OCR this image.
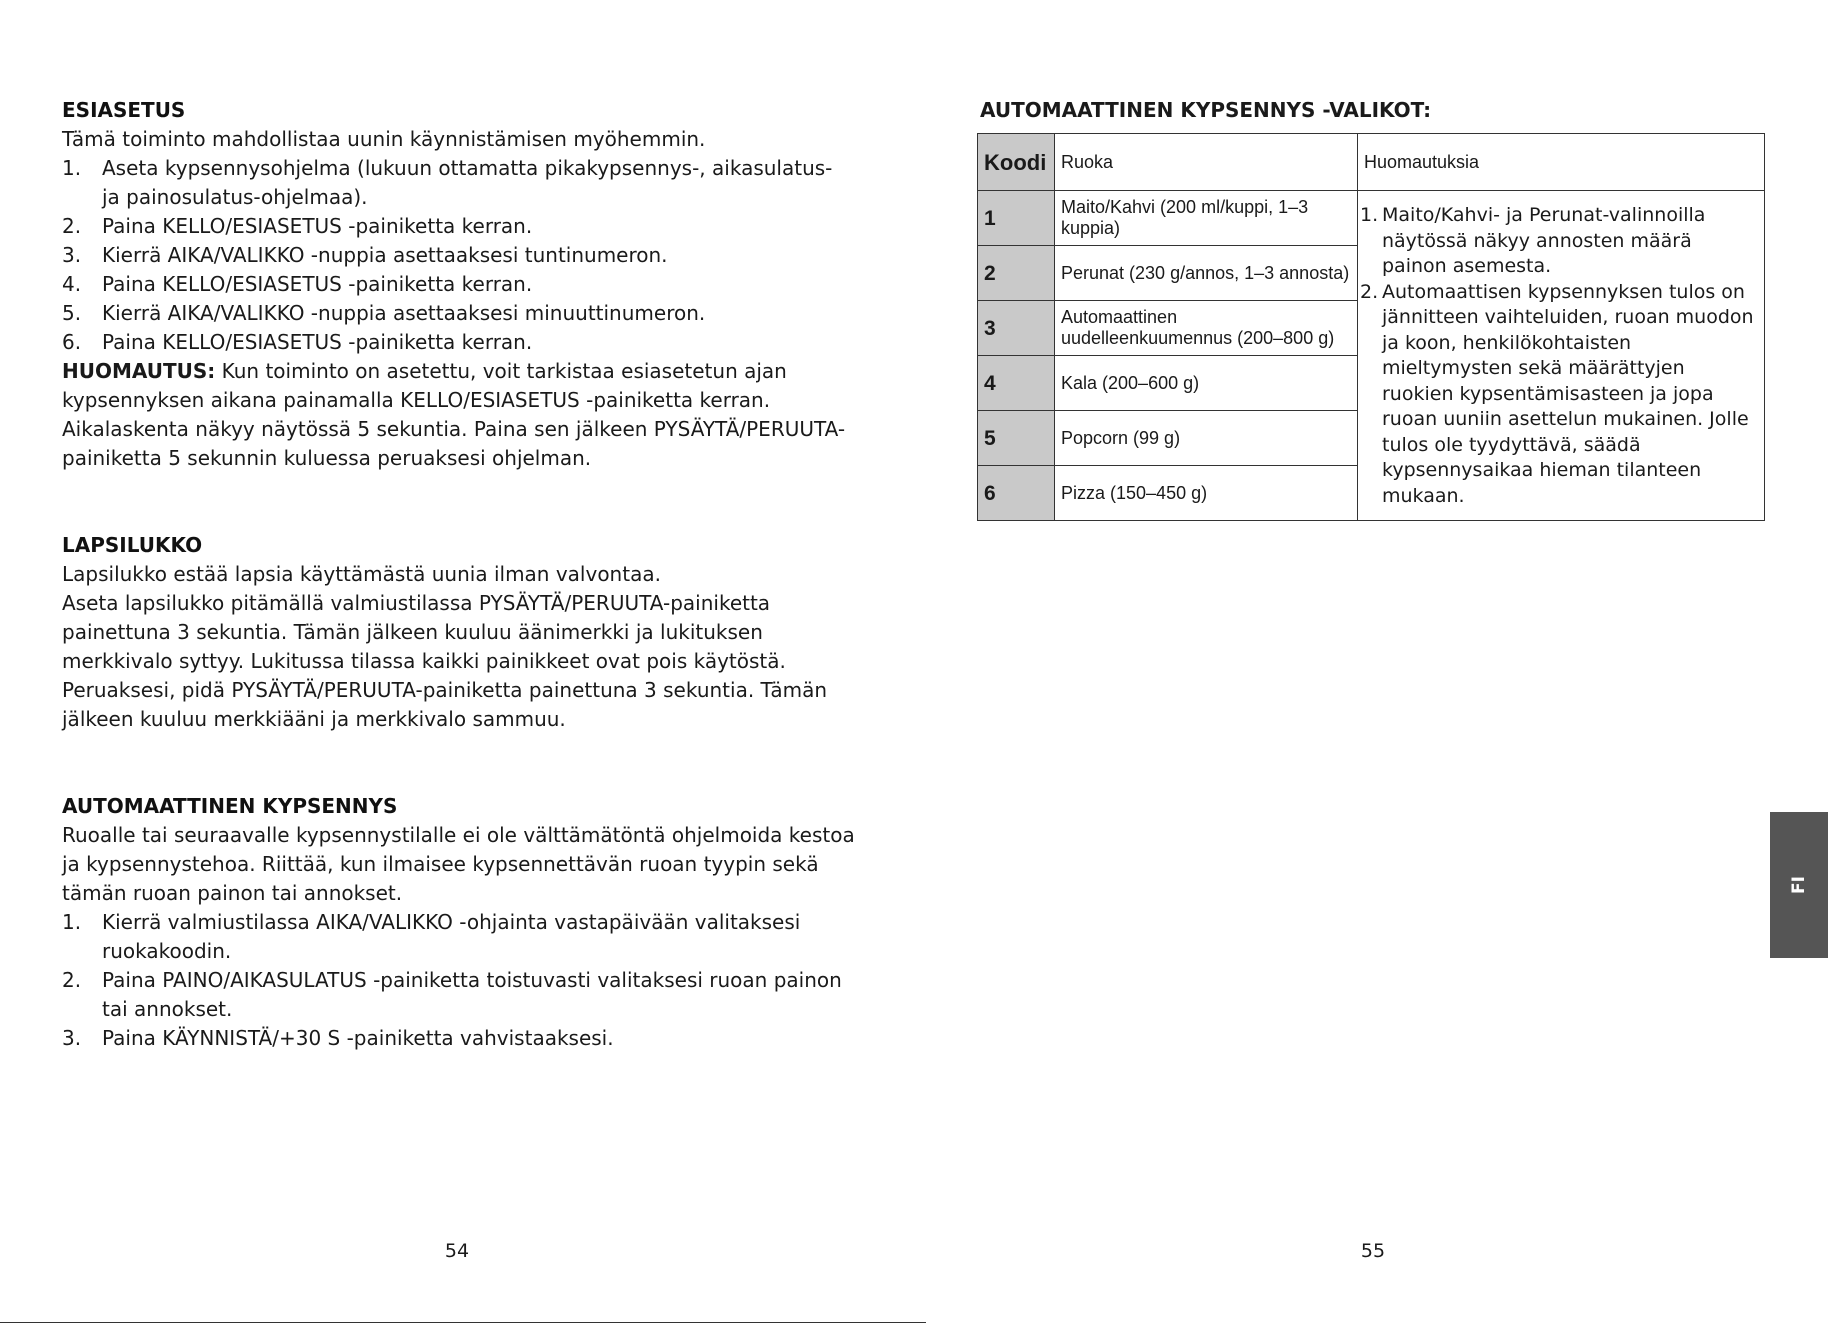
ESIASETUS

Tämä toiminto mahdollistaa uunin käynnistämisen myöhemmin.

1. Aseta kypsennysohjelma (lukuun ottamatta pikakypsennys-, aikasulatus- ja painosulatus-ohjelmaa).
2. Paina KELLO/ESIASETUS -painiketta kerran.
3. Kierrä AIKA/VALIKKO -nuppia asettaaksesi tuntinumeron.
4. Paina KELLO/ESIASETUS -painiketta kerran.
5. Kierrä AIKA/VALIKKO -nuppia asettaaksesi minuuttinumeron.
6. Paina KELLO/ESIASETUS -painiketta kerran.

HUOMAUTUS: Kun toiminto on asetettu, voit tarkistaa esiasetetun ajan kypsennyksen aikana painamalla KELLO/ESIASETUS -painiketta kerran. Aikalaskenta näkyy näytössä 5 sekuntia. Paina sen jälkeen PYSÄYTÄ/PERUUTA-painiketta 5 sekunnin kuluessa peruaksesi ohjelman.

LAPSILUKKO

Lapsilukko estää lapsia käyttämästä uunia ilman valvontaa.

Aseta lapsilukko pitämällä valmiustilassa PYSÄYTÄ/PERUUTA-painiketta painettuna 3 sekuntia. Tämän jälkeen kuuluu äänimerkki ja lukituksen merkkivalo syttyy. Lukitussa tilassa kaikki painikkeet ovat pois käytöstä. Peruaksesi, pidä PYSÄYTÄ/PERUUTA-painiketta painettuna 3 sekuntia. Tämän jälkeen kuuluu merkkiääni ja merkkivalo sammuu.

AUTOMAATTINEN KYPSENNYS

Ruoalle tai seuraavalle kypsennystilalle ei ole välttämätöntä ohjelmoida kestoa ja kypsennystehoa. Riittää, kun ilmaisee kypsennettävän ruoan tyypin sekä tämän ruoan painon tai annokset.

1. Kierrä valmiustilassa AIKA/VALIKKO -ohjainta vastapäivään valitaksesi ruokakoodin.
2. Paina PAINO/AIKASULATUS -painiketta toistuvasti valitaksesi ruoan painon tai annokset.
3. Paina KÄYNNISTÄ/+30 S -painiketta vahvistaaksesi.
54
AUTOMAATTINEN KYPSENNYS -VALIKOT:
Koodi	Ruoka	Huomautuksia
1	Maito/Kahvi (200 ml/kuppi, 1–3 kuppia)	1. Maito/Kahvi- ja Perunat-valinnoilla näytössä näkyy annosten määrä painon asemesta.
2. Automaattisen kypsennyksen tulos on jännitteen vaihteluiden, ruoan muodon ja koon, henkilökohtaisten mieltymysten sekä määrättyjen ruokien kypsentämisasteen ja jopa ruoan uuniin asettelun mukainen. Jolle tulos ole tyydyttävä, säädä kypsennysaikaa hieman tilanteen mukaan.

2	Perunat (230 g/annos, 1–3 annosta)	
3	Automaattinen uudelleenkuumennus (200–800 g)	
4	Kala (200–600 g)	
5	Popcorn (99 g)	
6	Pizza (150–450 g)	
55
FI
